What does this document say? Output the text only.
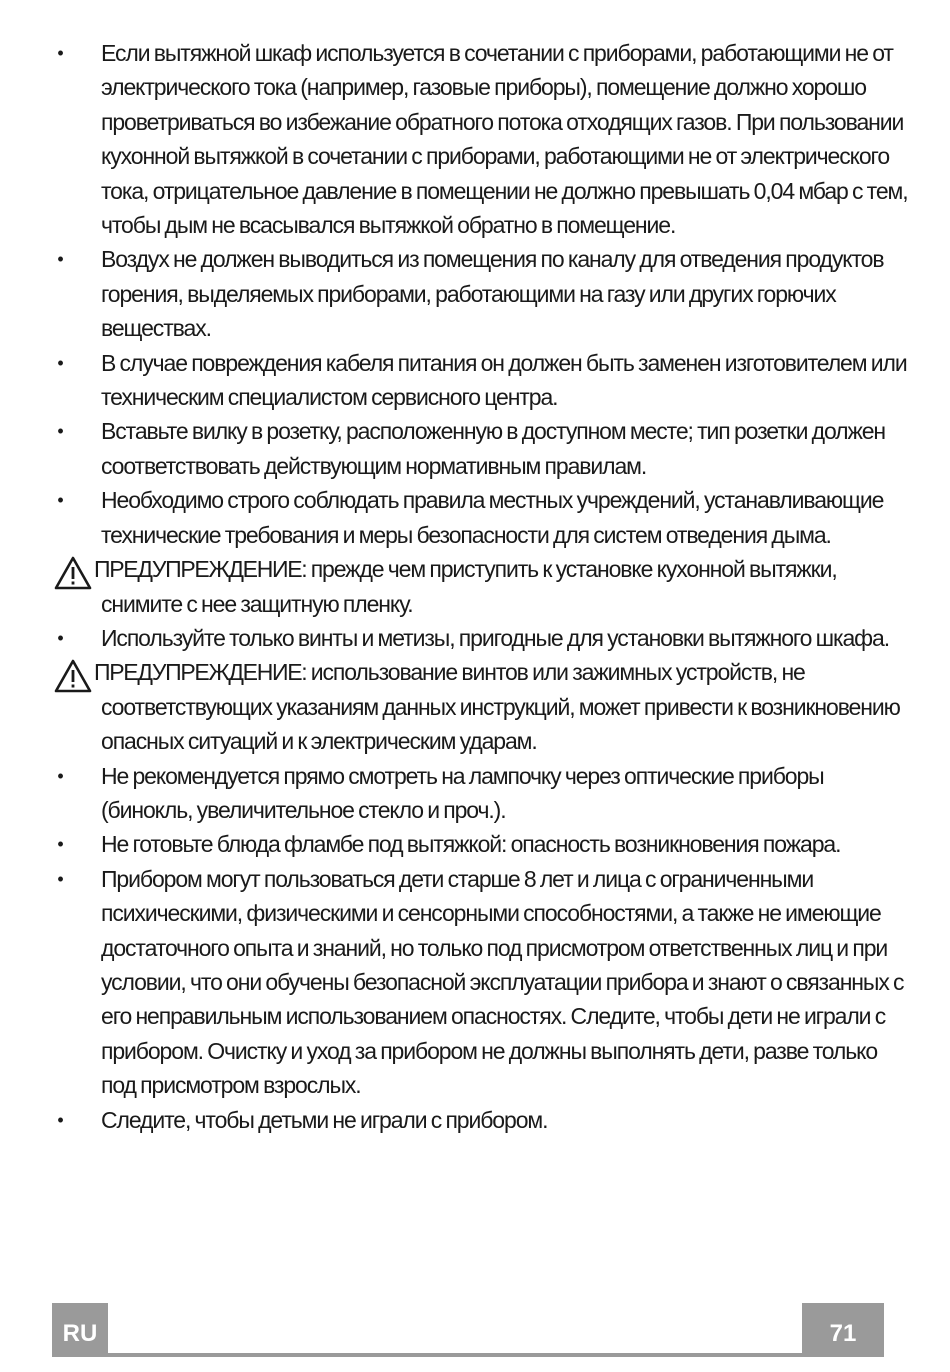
• Если вытяжной шкаф используется в сочетании с приборами, работающими не от электрического тока (например, газовые приборы), помещение должно хорошо проветриваться во избежание обратного потока отходящих газов. При пользовании кухонной вытяжкой в сочетании с приборами, работающими не от электрического тока, отрицательное давление в помещении не должно превышать 0,04 мбар с тем, чтобы дым не всасывался вытяжкой обратно в помещение.
• Воздух не должен выводиться из помещения по каналу для отведения продуктов горения, выделяемых приборами, работающими на газу или других горючих веществах.
• В случае повреждения кабеля питания он должен быть заменен изготовителем или техническим специалистом сервисного центра.
• Вставьте вилку в розетку, расположенную в доступном месте; тип розетки должен соответствовать действующим нормативным правилам.
• Необходимо строго соблюдать правила местных учреждений, устанавливающие технические требования и меры безопасности для систем отведения дыма.
ПРЕДУПРЕЖДЕНИЕ: прежде чем приступить к установке кухонной вытяжки, снимите с нее защитную пленку.
• Используйте только винты и метизы, пригодные для установки вытяжного шкафа.
ПРЕДУПРЕЖДЕНИЕ: использование винтов или зажимных устройств, не соответствующих указаниям данных инструкций, может привести к возникновению опасных ситуаций и к электрическим ударам.
• Не рекомендуется прямо смотреть на лампочку через оптические приборы (бинокль, увеличительное стекло и проч.).
• Не готовьте блюда фламбе под вытяжкой: опасность возникновения пожара.
• Прибором могут пользоваться дети старше 8 лет и лица с ограниченными психическими, физическими и сенсорными способностями, а также не имеющие достаточного опыта и знаний, но только под присмотром ответственных лиц и при условии, что они обучены безопасной эксплуатации прибора и знают о связанных с его неправильным использованием опасностях. Следите, чтобы дети не играли с прибором. Очистку и уход за прибором не должны выполнять дети, разве только под присмотром взрослых.
• Следите, чтобы детьми не играли с прибором.
RU	71
